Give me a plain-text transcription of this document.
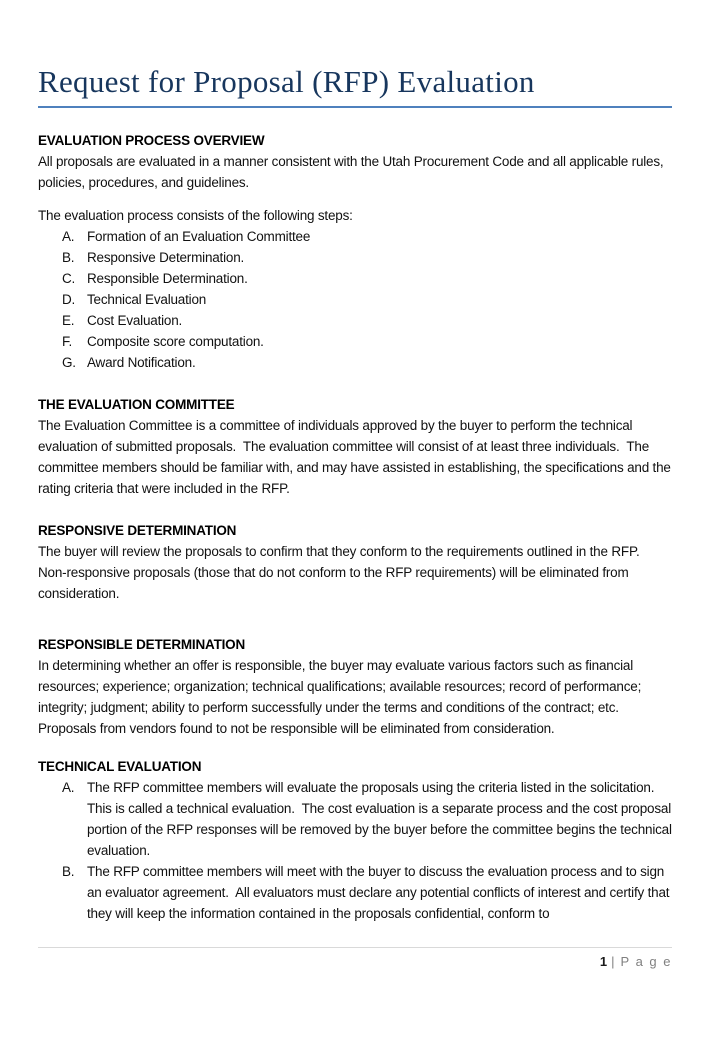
Request for Proposal (RFP) Evaluation
EVALUATION PROCESS OVERVIEW

All proposals are evaluated in a manner consistent with the Utah Procurement Code and all applicable rules, policies, procedures, and guidelines.

The evaluation process consists of the following steps:

A. Formation of an Evaluation Committee
B. Responsive Determination.
C. Responsible Determination.
D. Technical Evaluation
E. Cost Evaluation.
F.	Composite score computation.
G. Award Notification.
THE EVALUATION COMMITTEE

The Evaluation Committee is a committee of individuals approved by the buyer to perform the technical evaluation of submitted proposals.  The evaluation committee will consist of at least three individuals.  The committee members should be familiar with, and may have assisted in establishing, the specifications and the rating criteria that were included in the RFP.

RESPONSIVE DETERMINATION

The buyer will review the proposals to confirm that they conform to the requirements outlined in the RFP.  Non-responsive proposals (those that do not conform to the RFP requirements) will be eliminated from consideration.

RESPONSIBLE DETERMINATION

In determining whether an offer is responsible, the buyer may evaluate various factors such as financial resources; experience; organization; technical qualifications; available resources; record of performance; integrity; judgment; ability to perform successfully under the terms and conditions of the contract; etc.  Proposals from vendors found to not be responsible will be eliminated from consideration.

TECHNICAL EVALUATION
A. The RFP committee members will evaluate the proposals using the criteria listed in the solicitation.  This is called a technical evaluation.  The cost evaluation is a separate process and the cost proposal portion of the RFP responses will be removed by the buyer before the committee begins the technical evaluation.
B. The RFP committee members will meet with the buyer to discuss the evaluation process and to sign an evaluator agreement.  All evaluators must declare any potential conflicts of interest and certify that they will keep the information contained in the proposals confidential, conform to
1 | P a g e
